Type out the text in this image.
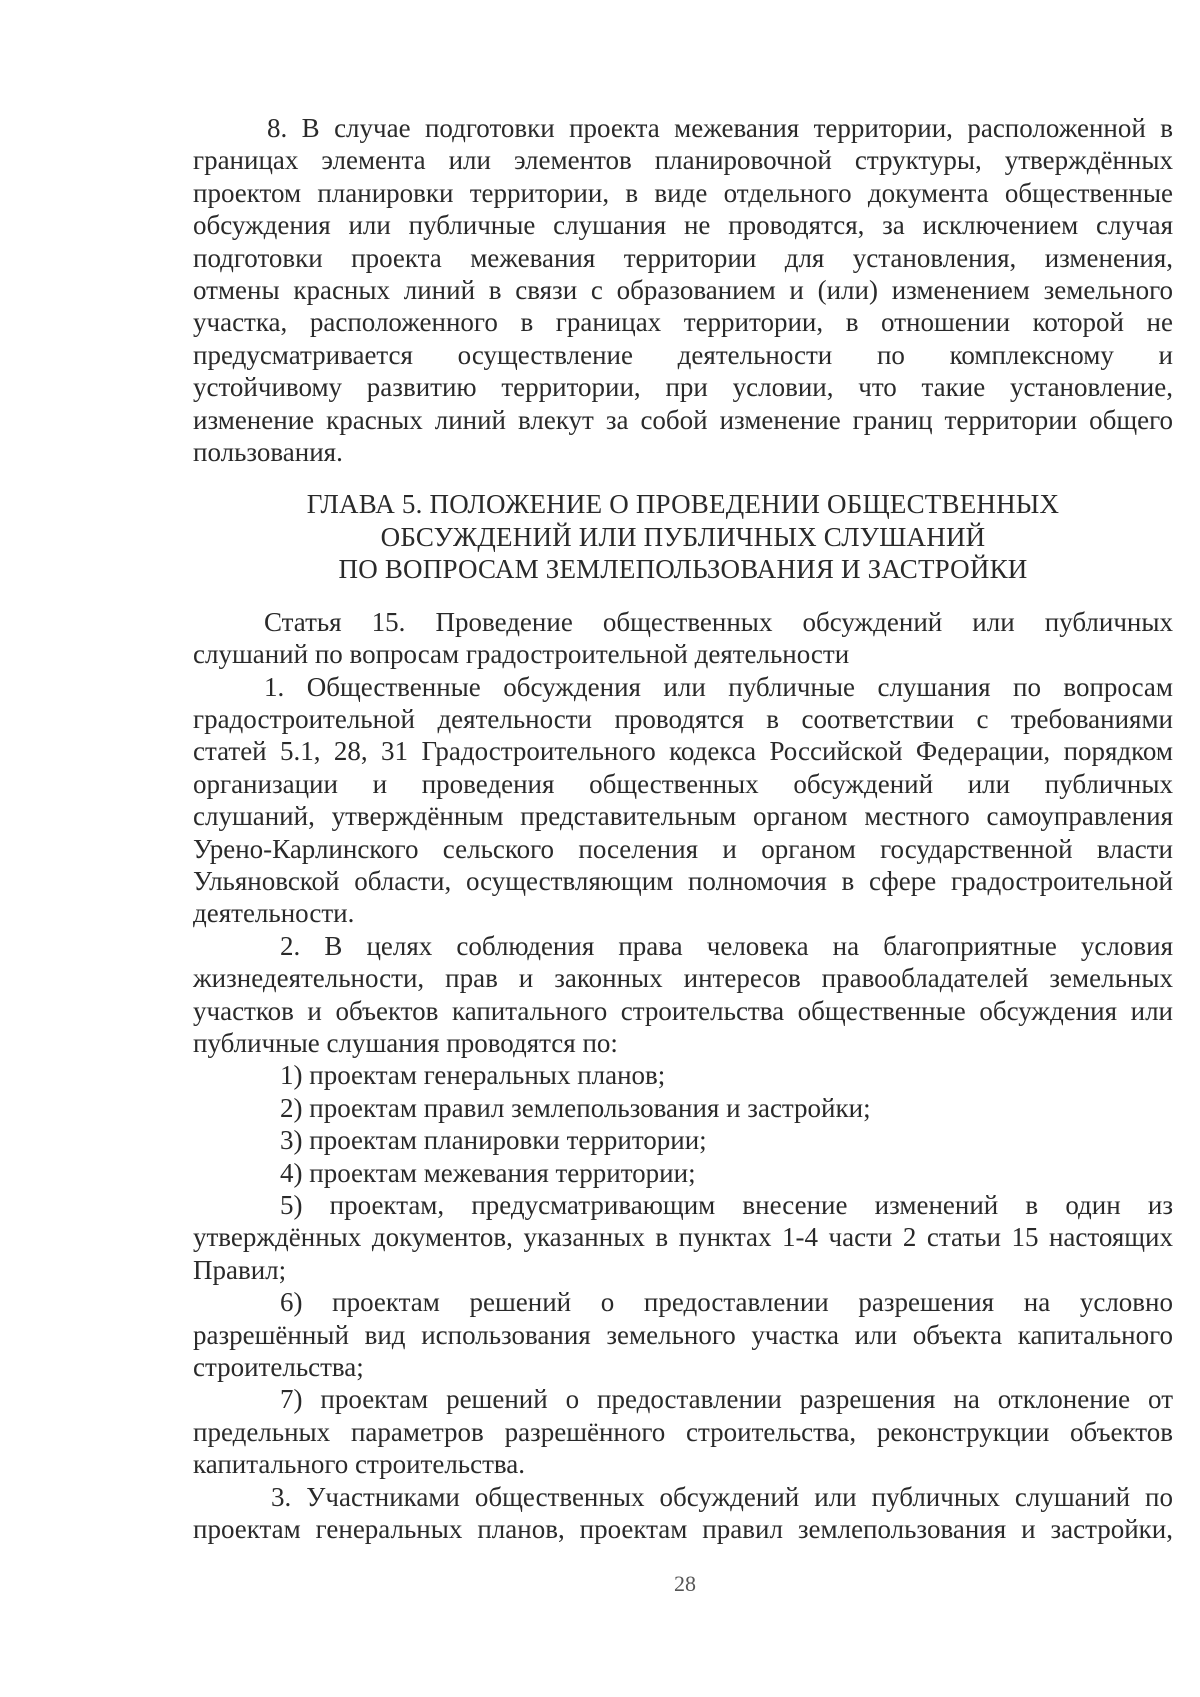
8. В случае подготовки проекта межевания территории, расположенной в

границах элемента или элементов планировочной структуры, утверждённых

проектом планировки территории, в виде отдельного документа общественные

обсуждения или публичные слушания не проводятся, за исключением случая

подготовки проекта межевания территории для установления, изменения,

отмены красных линий в связи с образованием и (или) изменением земельного

участка, расположенного в границах территории, в отношении которой не

предусматривается осуществление деятельности по комплексному и

устойчивому развитию территории, при условии, что такие установление,

изменение красных линий влекут за собой изменение границ территории общего

пользования.

ГЛАВА 5. ПОЛОЖЕНИЕ О ПРОВЕДЕНИИ ОБЩЕСТВЕННЫХ

ОБСУЖДЕНИЙ ИЛИ ПУБЛИЧНЫХ СЛУШАНИЙ

ПО ВОПРОСАМ ЗЕМЛЕПОЛЬЗОВАНИЯ И ЗАСТРОЙКИ

Статья 15. Проведение общественных обсуждений или публичных

слушаний по вопросам градостроительной деятельности

1. Общественные обсуждения или публичные слушания по вопросам

градостроительной деятельности проводятся в соответствии с требованиями

статей 5.1, 28, 31 Градостроительного кодекса Российской Федерации, порядком

организации и проведения общественных обсуждений или публичных

слушаний, утверждённым представительным органом местного самоуправления

Урено-Карлинского сельского поселения и органом государственной власти

Ульяновской области, осуществляющим полномочия в сфере градостроительной

деятельности.

2. В целях соблюдения права человека на благоприятные условия

жизнедеятельности, прав и законных интересов правообладателей земельных

участков и объектов капитального строительства общественные обсуждения или

публичные слушания проводятся по:

1) проектам генеральных планов;

2) проектам правил землепользования и застройки;

3) проектам планировки территории;

4) проектам межевания территории;

5) проектам, предусматривающим внесение изменений в один из

утверждённых документов, указанных в пунктах 1-4 части 2 статьи 15 настоящих

Правил;

6) проектам решений о предоставлении разрешения на условно

разрешённый вид использования земельного участка или объекта капитального

строительства;

7) проектам решений о предоставлении разрешения на отклонение от

предельных параметров разрешённого строительства, реконструкции объектов

капитального строительства.

3. Участниками общественных обсуждений или публичных слушаний по

проектам генеральных планов, проектам правил землепользования и застройки,

28
